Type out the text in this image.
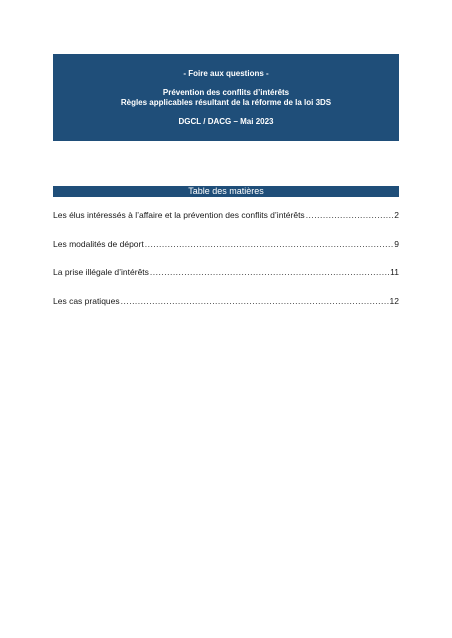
- Foire aux questions -
Prévention des conflits d’intérêts
Règles applicables résultant de la réforme de la loi 3DS
DGCL / DACG – Mai 2023
Table des matières
Les élus intéressés à l’affaire et la prévention des conflits d’intérêts .....	2
Les modalités de déport .....	9
La prise illégale d’intérêts .....	11
Les cas pratiques .....	12
